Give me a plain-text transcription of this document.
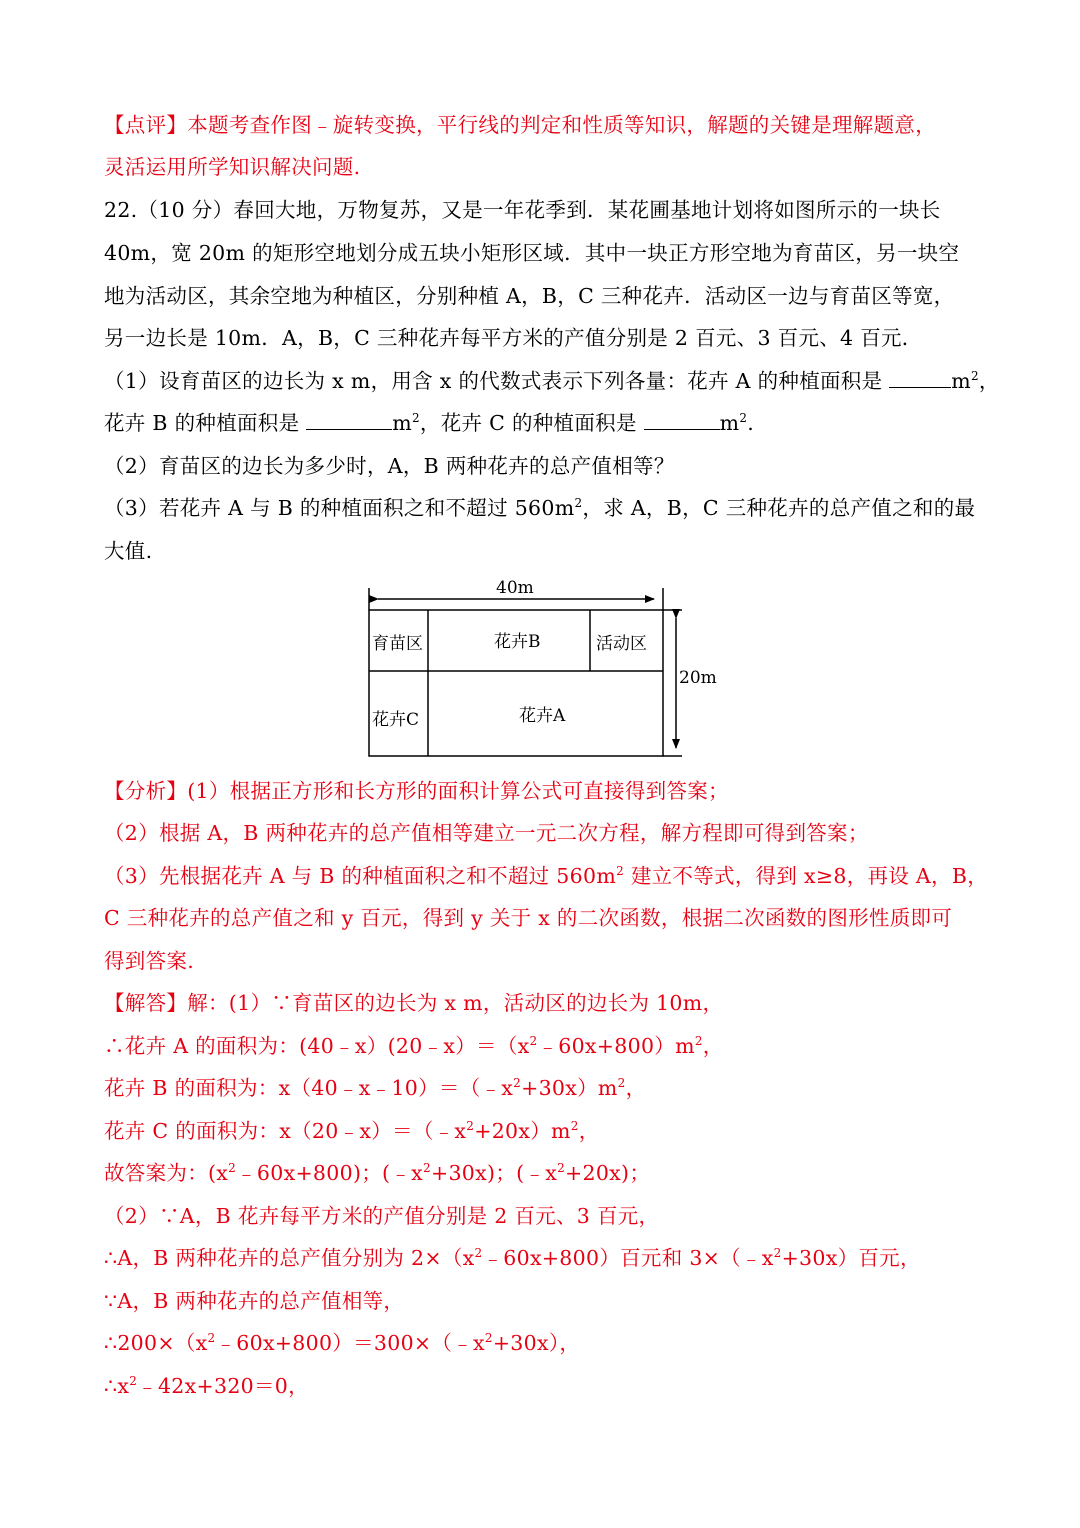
【点评】本题考查作图﹣旋转变换，平行线的判定和性质等知识，解题的关键是理解题意，
灵活运用所学知识解决问题.
22.（10 分）春回大地，万物复苏，又是一年花季到．某花圃基地计划将如图所示的一块长
40m，宽 20m 的矩形空地划分成五块小矩形区域．其中一块正方形空地为育苗区，另一块空
地为活动区，其余空地为种植区，分别种植 A，B，C 三种花卉．活动区一边与育苗区等宽，
另一边长是 10m．A，B，C 三种花卉每平方米的产值分别是 2 百元、3 百元、4 百元．
（1）设育苗区的边长为 x m，用含 x 的代数式表示下列各量：花卉 A 的种植面积是	$m^2$，
花卉 B 的种植面积是	$m^2$，花卉 C 的种植面积是	$m^2$.
（2）育苗区的边长为多少时，A，B 两种花卉的总产值相等？
（3）若花卉 A 与 B 的种植面积之和不超过 $560m^2$，求 A，B，C 三种花卉的总产值之和的最
大值.
40m
20m
育苗区	花卉B	活动区
花卉C	花卉A
【分析】(1）根据正方形和长方形的面积计算公式可直接得到答案；
（2）根据 A，B 两种花卉的总产值相等建立一元二次方程，解方程即可得到答案；
（3）先根据花卉 A 与 B 的种植面积之和不超过 $560m^2$ 建立不等式，得到 x≥8，再设 A，B，
C 三种花卉的总产值之和 y 百元，得到 y 关于 x 的二次函数，根据二次函数的图形性质即可
得到答案.
【解答】解：(1）∵育苗区的边长为 x m，活动区的边长为 10m，
∴花卉 A 的面积为：$(40﹣x)(20﹣x)=(x^2﹣60x+800)m^2$，
花卉 B 的面积为：$x(40﹣x﹣10)=(﹣x^2+30x)m^2$，
花卉 C 的面积为：$x(20﹣x)=(﹣x^2+20x)m^2$，
故答案为：$(x^2﹣60x+800)$；$(﹣x^2+30x)$；$(﹣x^2+20x)$；
（2）∵A，B 花卉每平方米的产值分别是 2 百元、3 百元，
∴A，B 两种花卉的总产值分别为 $2\times(x^2﹣60x+800)$百元和 $3\times(﹣x^2+30x)$百元，
∵A，B 两种花卉的总产值相等，
$\therefore 200\times(x^2﹣60x+800)=300\times(﹣x^2+30x)$，
$\therefore x^2﹣42x+320=0$，
